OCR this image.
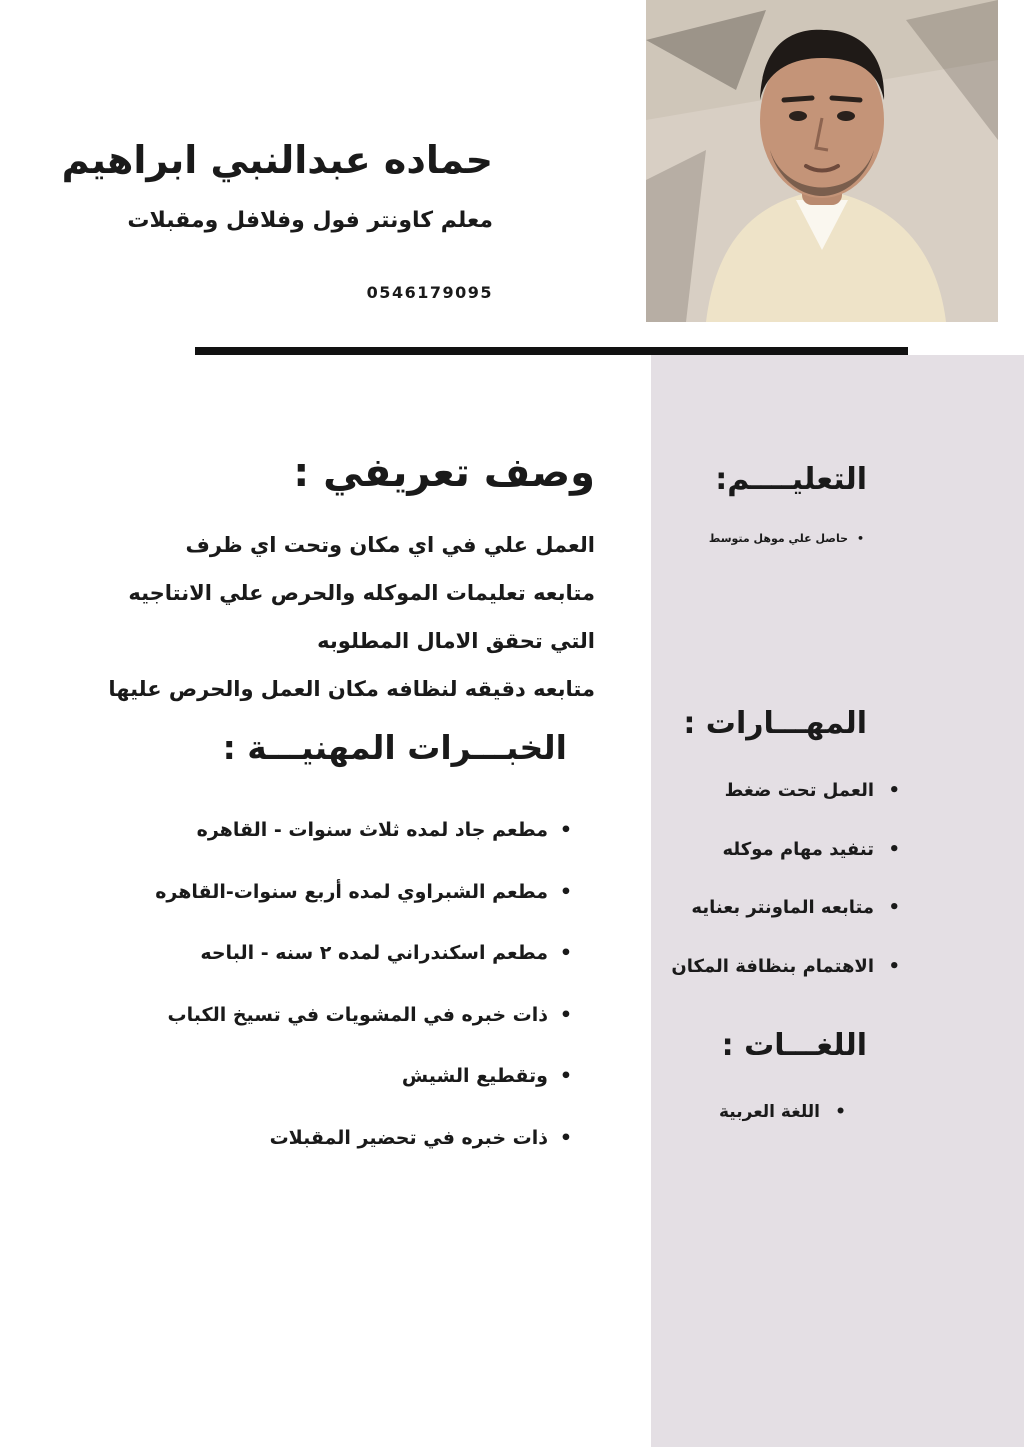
حماده عبدالنبي ابراهيم
معلم كاونتر فول وفلافل ومقبلات
0546179095
وصف تعريفي :
العمل علي في اي مكان وتحت اي ظرف
متابعه تعليمات الموكله والحرص علي الانتاجيه
التي تحقق الامال المطلوبه
متابعه دقيقه لنظافه مكان العمل والحرص عليها
الخبـــرات المهنيـــة :
• مطعم جاد لمده ثلاث سنوات - القاهره
• مطعم الشبراوي لمده أربع سنوات-القاهره
• مطعم اسكندراني لمده ٢ سنه - الباحه
• ذات خبره في المشويات في تسيخ الكباب
• وتقطيع الشيش
• ذات خبره في تحضير المقبلات
التعليــــم:
• حاصل علي موهل متوسط
المهـــارات :
• العمل تحت ضغط
• تنفيد مهام موكله
• متابعه الماونتر بعنايه
• الاهتمام بنظافة المكان
اللغـــات :
• اللغة العربية
